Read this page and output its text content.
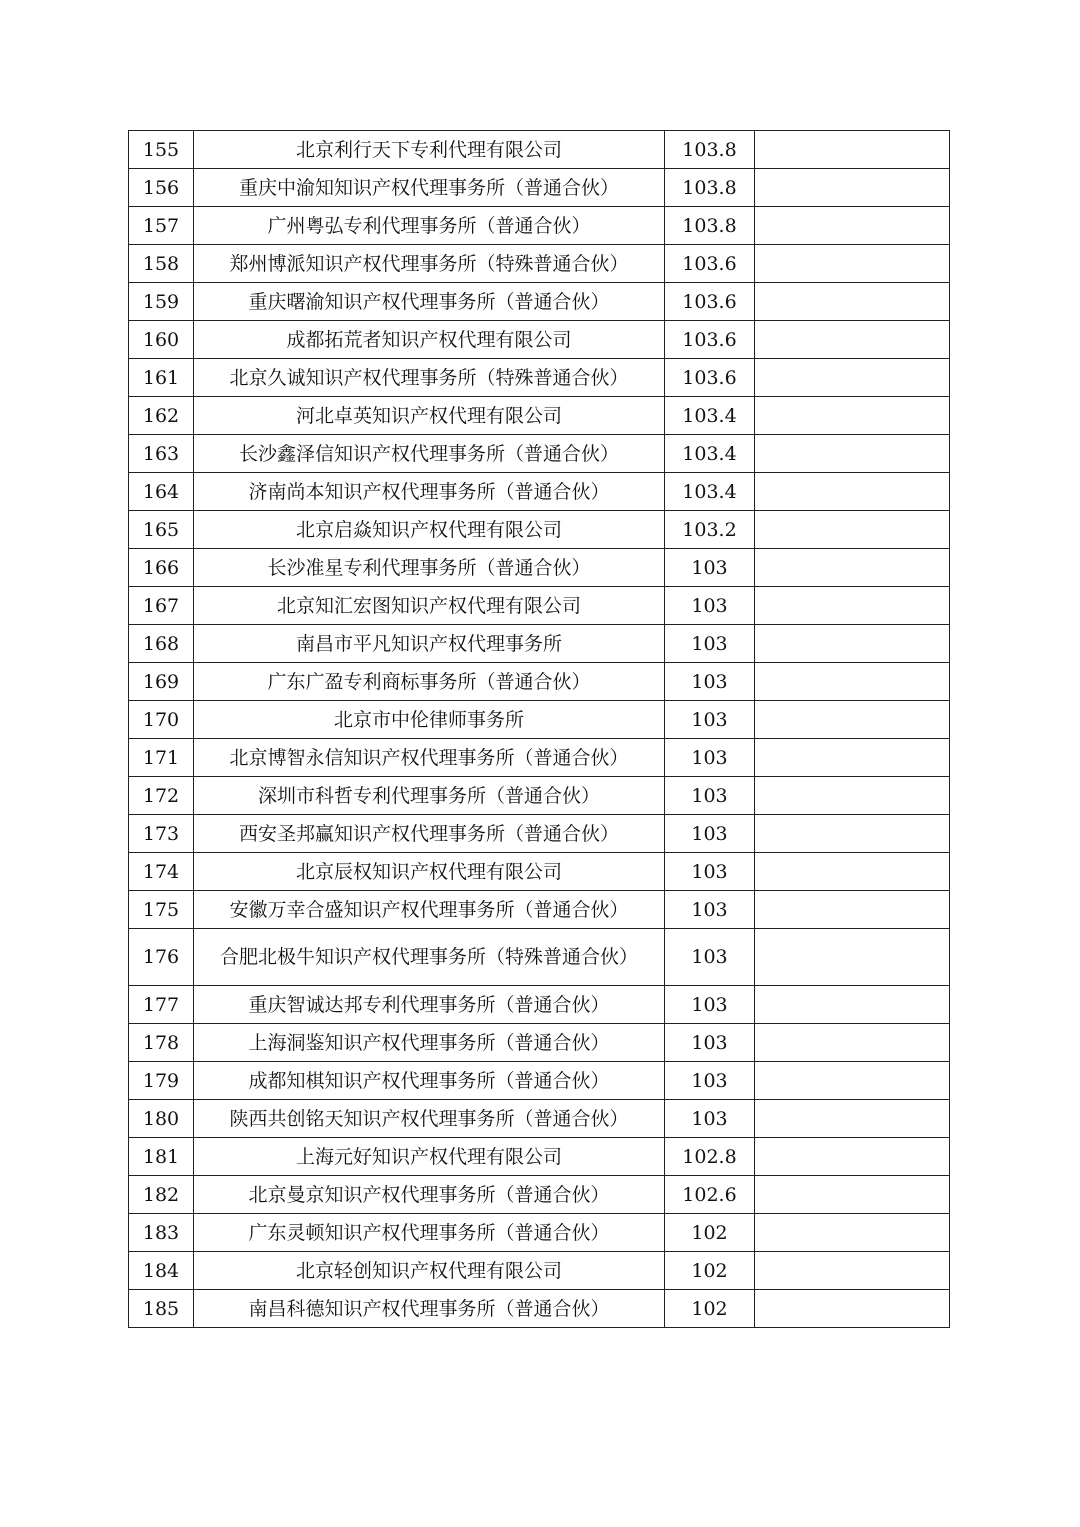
155	北京利行天下专利代理有限公司	103.8	
156	重庆中渝知知识产权代理事务所（普通合伙）	103.8	
157	广州粤弘专利代理事务所（普通合伙）	103.8	
158	郑州博派知识产权代理事务所（特殊普通合伙）	103.6	
159	重庆曙渝知识产权代理事务所（普通合伙）	103.6	
160	成都拓荒者知识产权代理有限公司	103.6	
161	北京久诚知识产权代理事务所（特殊普通合伙）	103.6	
162	河北卓英知识产权代理有限公司	103.4	
163	长沙鑫泽信知识产权代理事务所（普通合伙）	103.4	
164	济南尚本知识产权代理事务所（普通合伙）	103.4	
165	北京启焱知识产权代理有限公司	103.2	
166	长沙准星专利代理事务所（普通合伙）	103	
167	北京知汇宏图知识产权代理有限公司	103	
168	南昌市平凡知识产权代理事务所	103	
169	广东广盈专利商标事务所（普通合伙）	103	
170	北京市中伦律师事务所	103	
171	北京博智永信知识产权代理事务所（普通合伙）	103	
172	深圳市科哲专利代理事务所（普通合伙）	103	
173	西安圣邦赢知识产权代理事务所（普通合伙）	103	
174	北京辰权知识产权代理有限公司	103	
175	安徽万幸合盛知识产权代理事务所（普通合伙）	103	
176	合肥北极牛知识产权代理事务所（特殊普通合伙）	103	
177	重庆智诚达邦专利代理事务所（普通合伙）	103	
178	上海洞鉴知识产权代理事务所（普通合伙）	103	
179	成都知棋知识产权代理事务所（普通合伙）	103	
180	陕西共创铭天知识产权代理事务所（普通合伙）	103	
181	上海元好知识产权代理有限公司	102.8	
182	北京曼京知识产权代理事务所（普通合伙）	102.6	
183	广东灵顿知识产权代理事务所（普通合伙）	102	
184	北京轻创知识产权代理有限公司	102	
185	南昌科德知识产权代理事务所（普通合伙）	102	
